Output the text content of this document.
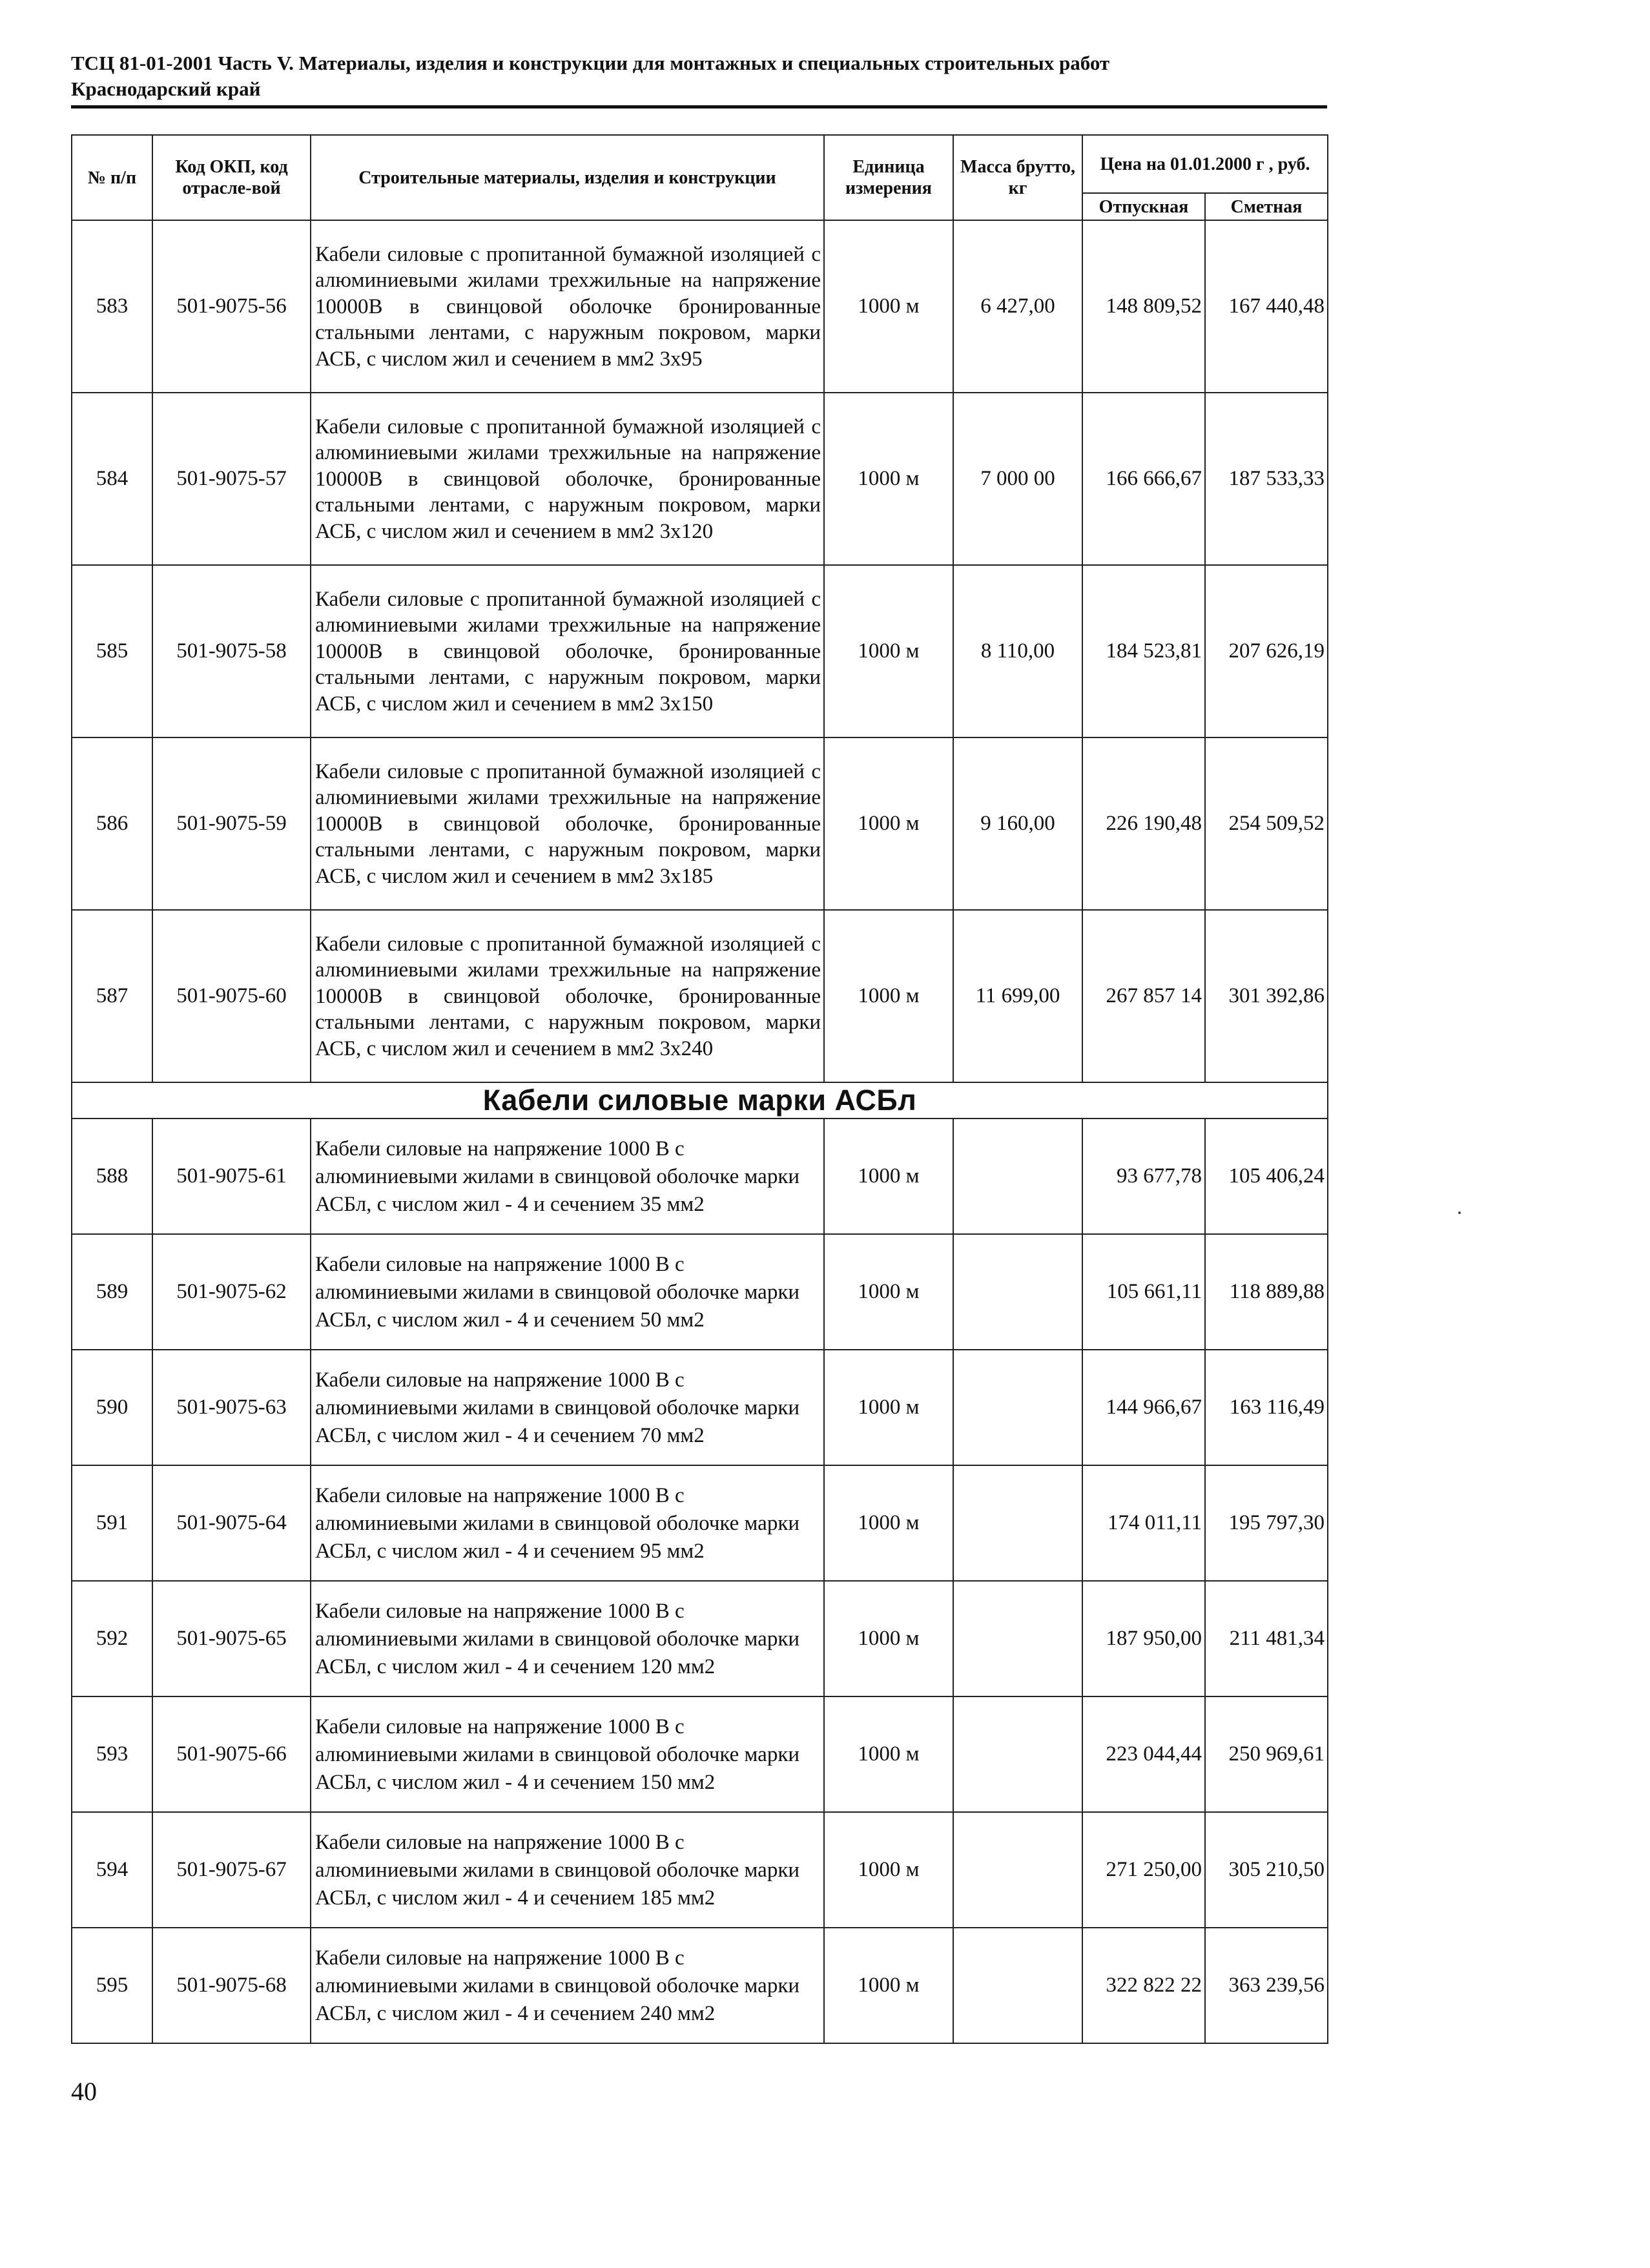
ТСЦ 81-01-2001 Часть V. Материалы, изделия и конструкции для монтажных и специальных строительных работ
Краснодарский край
№ п/п	Код ОКП, код отрасле-вой	Строительные материалы, изделия и конструкции	Единица измерения	Масса брутто, кг	Цена на 01.01.2000 г , руб.	
					Отпускная	Сметная
583	501-9075-56	Кабели силовые с пропитанной бумажной изоляцией с алюминиевыми жилами трехжильные на напряжение 10000В в свинцовой оболочке бронированные стальными лентами, с наружным покровом, марки АСБ, с числом жил и сечением в мм2 3х95	1000 м	6 427,00	148 809,52	167 440,48
584	501-9075-57	Кабели силовые с пропитанной бумажной изоляцией с алюминиевыми жилами трехжильные на напряжение 10000В в свинцовой оболочке, бронированные стальными лентами, с наружным покровом, марки АСБ, с числом жил и сечением в мм2 3х120	1000 м	7 000 00	166 666,67	187 533,33
585	501-9075-58	Кабели силовые с пропитанной бумажной изоляцией с алюминиевыми жилами трехжильные на напряжение 10000В в свинцовой оболочке, бронированные стальными лентами, с наружным покровом, марки АСБ, с числом жил и сечением в мм2 3х150	1000 м	8 110,00	184 523,81	207 626,19
586	501-9075-59	Кабели силовые с пропитанной бумажной изоляцией с алюминиевыми жилами трехжильные на напряжение 10000В в свинцовой оболочке, бронированные стальными лентами, с наружным покровом, марки АСБ, с числом жил и сечением в мм2 3х185	1000 м	9 160,00	226 190,48	254 509,52
587	501-9075-60	Кабели силовые с пропитанной бумажной изоляцией с алюминиевыми жилами трехжильные на напряжение 10000В в свинцовой оболочке, бронированные стальными лентами, с наружным покровом, марки АСБ, с числом жил и сечением в мм2 3х240	1000 м	11 699,00	267 857 14	301 392,86
Кабели силовые марки АСБл						
588	501-9075-61	Кабели силовые на напряжение 1000 В с алюминиевыми жилами в свинцовой оболочке марки АСБл, с числом жил - 4 и сечением 35 мм2	1000 м		93 677,78	105 406,24
589	501-9075-62	Кабели силовые на напряжение 1000 В с алюминиевыми жилами в свинцовой оболочке марки АСБл, с числом жил - 4 и сечением 50 мм2	1000 м		105 661,11	118 889,88
590	501-9075-63	Кабели силовые на напряжение 1000 В с алюминиевыми жилами в свинцовой оболочке марки АСБл, с числом жил - 4 и сечением 70 мм2	1000 м		144 966,67	163 116,49
591	501-9075-64	Кабели силовые на напряжение 1000 В с алюминиевыми жилами в свинцовой оболочке марки АСБл, с числом жил - 4 и сечением 95 мм2	1000 м		174 011,11	195 797,30
592	501-9075-65	Кабели силовые на напряжение 1000 В с алюминиевыми жилами в свинцовой оболочке марки АСБл, с числом жил - 4 и сечением 120 мм2	1000 м		187 950,00	211 481,34
593	501-9075-66	Кабели силовые на напряжение 1000 В с алюминиевыми жилами в свинцовой оболочке марки АСБл, с числом жил - 4 и сечением 150 мм2	1000 м		223 044,44	250 969,61
594	501-9075-67	Кабели силовые на напряжение 1000 В с алюминиевыми жилами в свинцовой оболочке марки АСБл, с числом жил - 4 и сечением 185 мм2	1000 м		271 250,00	305 210,50
595	501-9075-68	Кабели силовые на напряжение 1000 В с алюминиевыми жилами в свинцовой оболочке марки АСБл, с числом жил - 4 и сечением 240 мм2	1000 м		322 822 22	363 239,56
40
